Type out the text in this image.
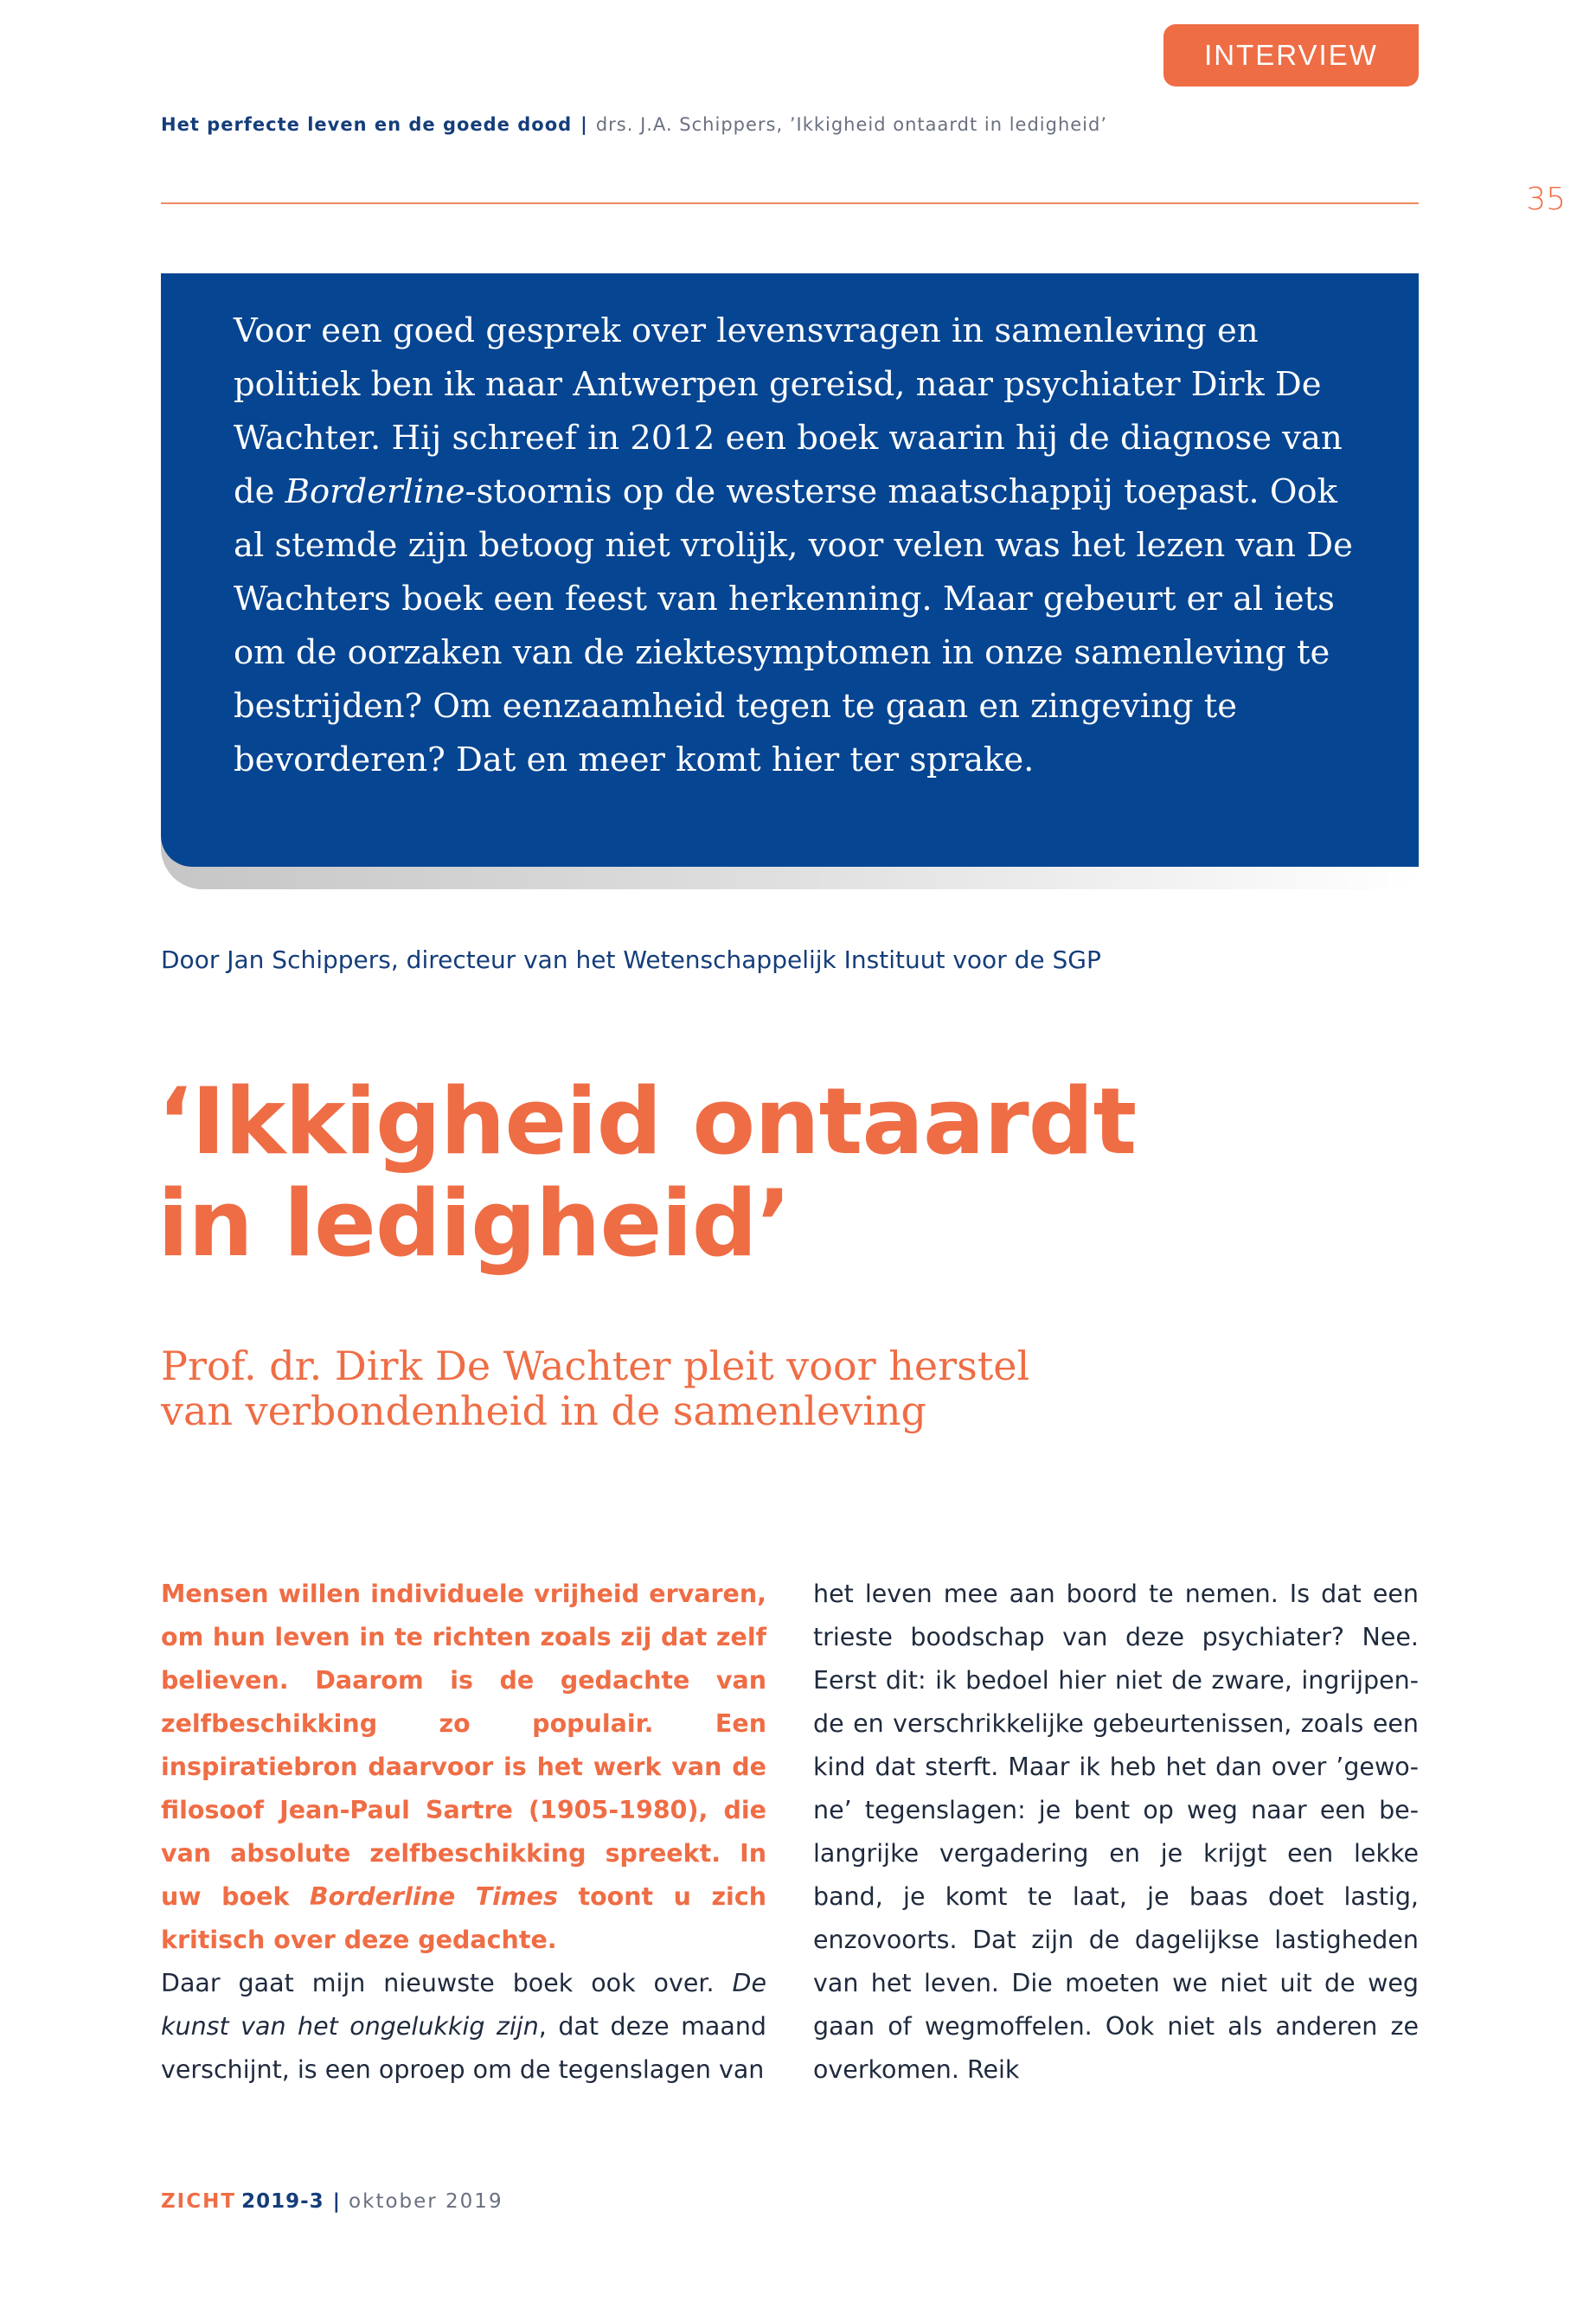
INTERVIEW
Het perfecte leven en de goede dood | drs. J.A. Schippers, ’Ikkigheid ontaardt in ledigheid’
35

Voor een goed gesprek over levensvragen in samenleving en politiek ben ik naar Antwerpen gereisd, naar psychiater Dirk De Wachter. Hij schreef in 2012 een boek waarin hij de diagnose van de Borderline-stoornis op de westerse maatschappij toepast. Ook al stemde zijn betoog niet vrolijk, voor velen was het lezen van De Wachters boek een feest van herkenning. Maar gebeurt er al iets om de oorzaken van de ziektesymptomen in onze samenleving te bestrijden? Om eenzaamheid tegen te gaan en zingeving te bevorderen? Dat en meer komt hier ter sprake.

Door Jan Schippers, directeur van het Wetenschappelijk Instituut voor de SGP
‘Ikkigheid ontaardt
in ledigheid’
Prof. dr. Dirk De Wachter pleit voor herstel
van verbondenheid in de samenleving

Mensen willen individuele vrijheid ervaren, om hun leven in te richten zoals zij dat zelf believen. Daarom is de gedachte van zelfbeschikking zo populair. Een inspiratiebron daarvoor is het werk van de filosoof Jean-Paul Sartre (1905-1980), die van absolute zelfbeschikking spreekt. In uw boek Borderline Times toont u zich kritisch over deze gedachte.

Daar gaat mijn nieuwste boek ook over. De kunst van het ongelukkig zijn, dat deze maand verschijnt, is een oproep om de tegenslagen van

het leven mee aan boord te nemen. Is dat een trieste boodschap van deze psychiater? Nee. Eerst dit: ik bedoel hier niet de zware, ingrijpende en verschrikkelijke gebeurtenissen, zoals een kind dat sterft. Maar ik heb het dan over ’gewone’ tegenslagen: je bent op weg naar een belangrijke vergadering en je krijgt een lekke band, je komt te laat, je baas doet lastig, enzovoorts. Dat zijn de dagelijkse lastigheden van het leven. Die moeten we niet uit de weg gaan of wegmoffelen. Ook niet als anderen ze overkomen. Reik

ZICHT 2019-3 | oktober 2019
